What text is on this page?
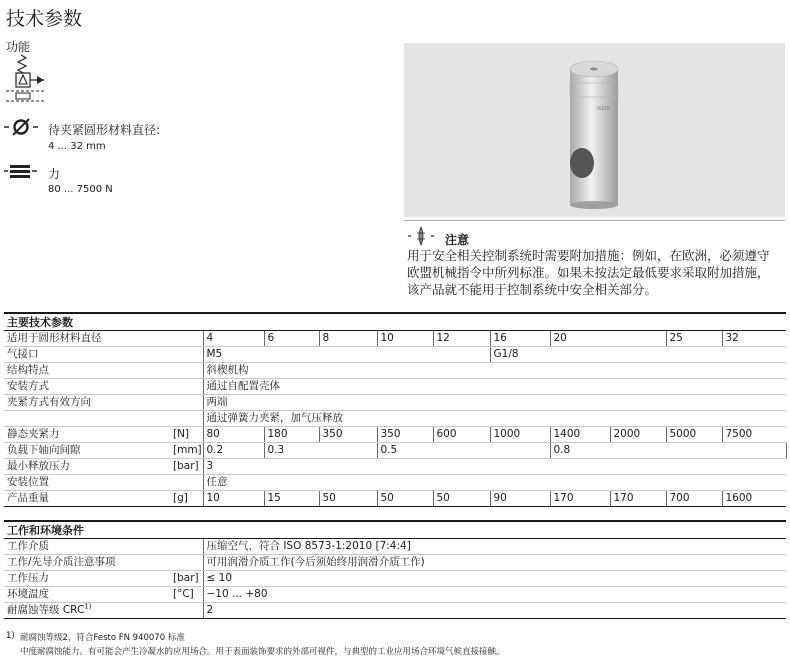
技术参数
功能
待夹紧圆形材料直径:
4 ... 32 mm
力
80 ... 7500 N
FESTO
注意
用于安全相关控制系统时需要附加措施：例如，在欧洲，必须遵守
欧盟机械指令中所列标准。如果未按法定最低要求采取附加措施，
该产品就不能用于控制系统中安全相关部分。
主要技术参数												
适用于圆形材料直径		4	6	8	10	12	16	20		25	32	
气接口		M5					G1/8					
结构特点		斜楔机构										
安装方式		通过自配置壳体										
夹紧方式有效方向		两端										
		通过弹簧力夹紧，加气压释放										
静态夹紧力	[N]	80	180	350	350	600	1000	1400	2000	5000	7500	
负载下轴向间隙	[mm]	0.2	0.3		0.5			0.8	
最小释放压力	[bar]	3										
安装位置		任意										
产品重量	[g]	10	15	50	50	50	90	170	170	700	1600	
工作和环境条件		
工作介质		压缩空气，符合 ISO 8573-1:2010 [7:4:4]
工作/先导介质注意事项		可用润滑介质工作(今后须始终用润滑介质工作)
工作压力	[bar]	≤ 10
环境温度	[°C]	−10 ... +80
耐腐蚀等级 CRC$^{1)}$		2
1) 耐腐蚀等级2，符合Festo FN 940070 标准
中度耐腐蚀能力。有可能会产生冷凝水的应用场合。用于表面装饰要求的外部可视件，与典型的工业应用场合环境气候直接接触。
